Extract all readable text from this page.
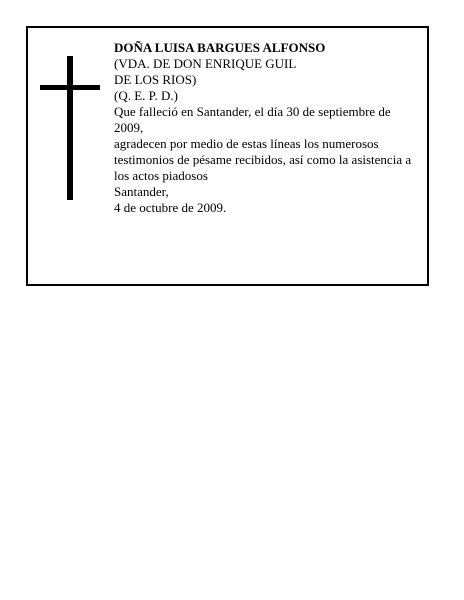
DOÑA LUISA BARGUES ALFONSO

(VDA. DE DON ENRIQUE GUIL

DE LOS RIOS)

(Q. E. P. D.)

Que falleció en Santander, el día 30 de septiembre de 2009,

agradecen por medio de estas líneas los numerosos testimonios de pésame recibidos, así como la asistencia a los actos piadosos

Santander,

4 de octubre de 2009.
